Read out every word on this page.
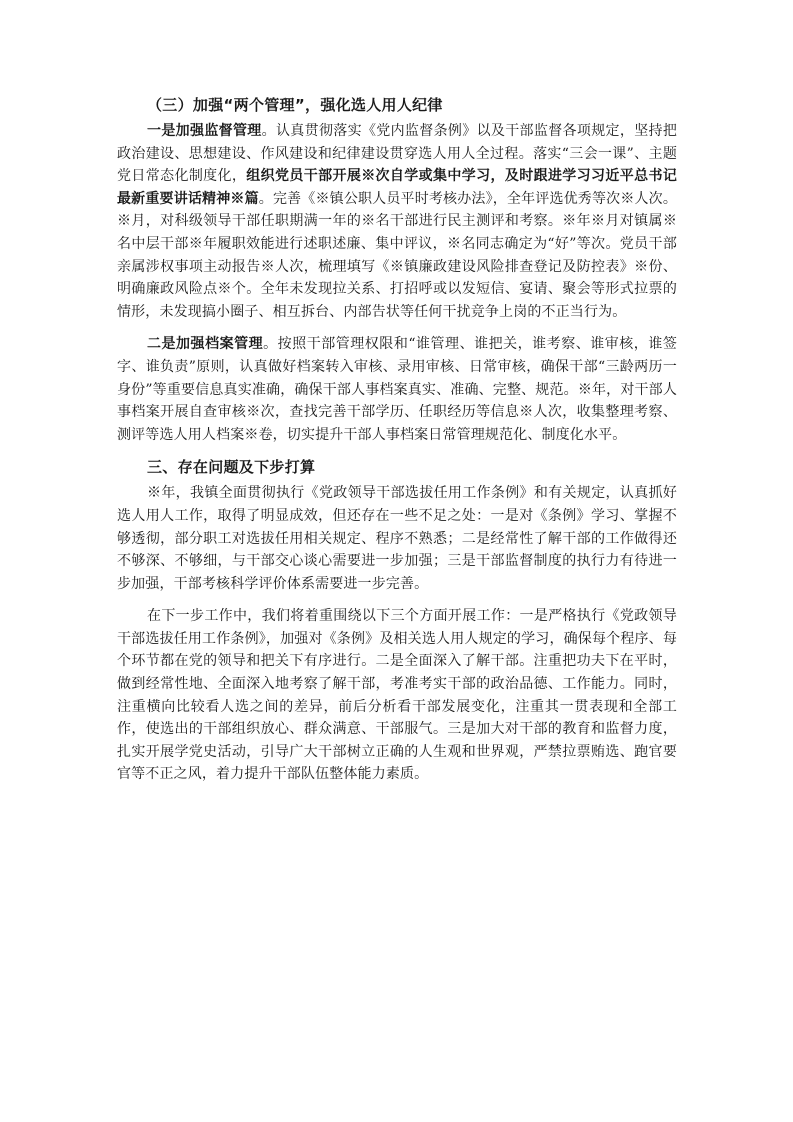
（三）加强“两个管理”，强化选人用人纪律

一是加强监督管理。认真贯彻落实《党内监督条例》以及干部监督各项规定，坚持把政治建设、思想建设、作风建设和纪律建设贯穿选人用人全过程。落实“三会一课”、主题党日常态化制度化，组织党员干部开展※次自学或集中学习，及时跟进学习习近平总书记最新重要讲话精神※篇。完善《※镇公职人员平时考核办法》，全年评选优秀等次※人次。※月，对科级领导干部任职期满一年的※名干部进行民主测评和考察。※年※月对镇属※名中层干部※年履职效能进行述职述廉、集中评议，※名同志确定为“好”等次。党员干部亲属涉权事项主动报告※人次，梳理填写《※镇廉政建设风险排查登记及防控表》※份、明确廉政风险点※个。全年未发现拉关系、打招呼或以发短信、宴请、聚会等形式拉票的情形，未发现搞小圈子、相互拆台、内部告状等任何干扰竞争上岗的不正当行为。

二是加强档案管理。按照干部管理权限和“谁管理、谁把关，谁考察、谁审核，谁签字、谁负责”原则，认真做好档案转入审核、录用审核、日常审核，确保干部“三龄两历一身份”等重要信息真实准确，确保干部人事档案真实、准确、完整、规范。※年，对干部人事档案开展自查审核※次，查找完善干部学历、任职经历等信息※人次，收集整理考察、测评等选人用人档案※卷，切实提升干部人事档案日常管理规范化、制度化水平。

三、存在问题及下步打算

※年，我镇全面贯彻执行《党政领导干部选拔任用工作条例》和有关规定，认真抓好选人用人工作，取得了明显成效，但还存在一些不足之处：一是对《条例》学习、掌握不够透彻，部分职工对选拔任用相关规定、程序不熟悉；二是经常性了解干部的工作做得还不够深、不够细，与干部交心谈心需要进一步加强；三是干部监督制度的执行力有待进一步加强，干部考核科学评价体系需要进一步完善。

在下一步工作中，我们将着重围绕以下三个方面开展工作：一是严格执行《党政领导干部选拔任用工作条例》，加强对《条例》及相关选人用人规定的学习，确保每个程序、每个环节都在党的领导和把关下有序进行。二是全面深入了解干部。注重把功夫下在平时，做到经常性地、全面深入地考察了解干部，考准考实干部的政治品德、工作能力。同时，注重横向比较看人选之间的差异，前后分析看干部发展变化，注重其一贯表现和全部工作，使选出的干部组织放心、群众满意、干部服气。三是加大对干部的教育和监督力度，扎实开展学党史活动，引导广大干部树立正确的人生观和世界观，严禁拉票贿选、跑官要官等不正之风，着力提升干部队伍整体能力素质。
